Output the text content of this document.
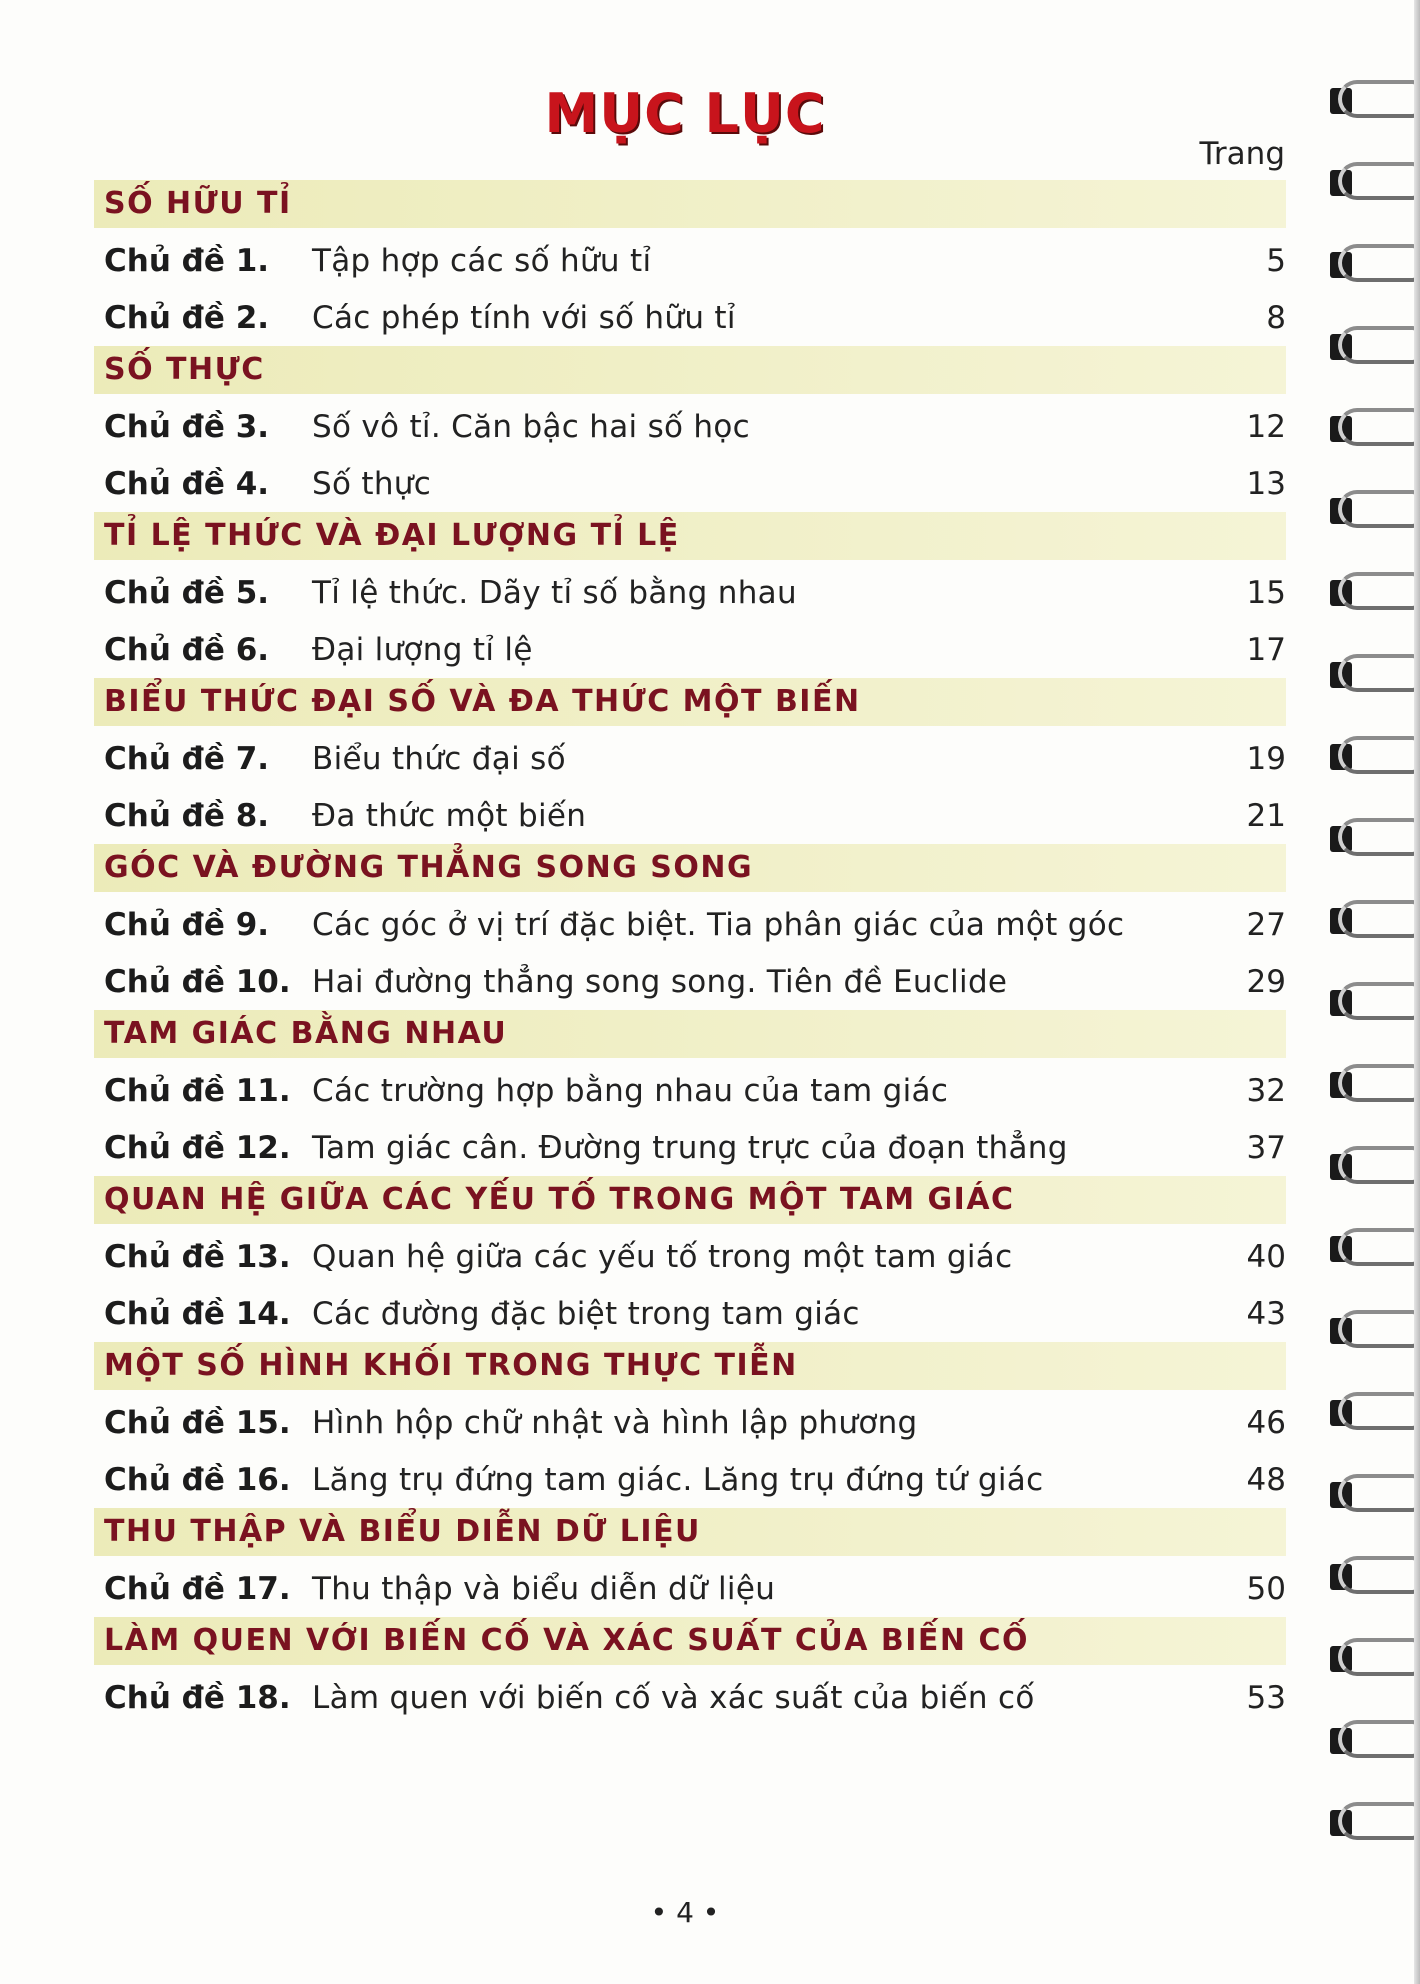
MỤC LỤC
Trang
SỐ HỮU TỈ
Chủ đề 1.	Tập hợp các số hữu tỉ	5
Chủ đề 2.	Các phép tính với số hữu tỉ	8
SỐ THỰC
Chủ đề 3.	Số vô tỉ. Căn bậc hai số học	12
Chủ đề 4.	Số thực	13
TỈ LỆ THỨC VÀ ĐẠI LƯỢNG TỈ LỆ
Chủ đề 5.	Tỉ lệ thức. Dãy tỉ số bằng nhau	15
Chủ đề 6.	Đại lượng tỉ lệ	17
BIỂU THỨC ĐẠI SỐ VÀ ĐA THỨC MỘT BIẾN
Chủ đề 7.	Biểu thức đại số	19
Chủ đề 8.	Đa thức một biến	21
GÓC VÀ ĐƯỜNG THẲNG SONG SONG
Chủ đề 9.	Các góc ở vị trí đặc biệt. Tia phân giác của một góc	27
Chủ đề 10. Hai đường thẳng song song. Tiên đề Euclide	29
TAM GIÁC BẰNG NHAU
Chủ đề 11. Các trường hợp bằng nhau của tam giác	32
Chủ đề 12. Tam giác cân. Đường trung trực của đoạn thẳng	37
QUAN HỆ GIỮA CÁC YẾU TỐ TRONG MỘT TAM GIÁC
Chủ đề 13. Quan hệ giữa các yếu tố trong một tam giác	40
Chủ đề 14. Các đường đặc biệt trong tam giác	43
MỘT SỐ HÌNH KHỐI TRONG THỰC TIỄN
Chủ đề 15. Hình hộp chữ nhật và hình lập phương	46
Chủ đề 16. Lăng trụ đứng tam giác. Lăng trụ đứng tứ giác	48
THU THẬP VÀ BIỂU DIỄN DỮ LIỆU
Chủ đề 17. Thu thập và biểu diễn dữ liệu	50
LÀM QUEN VỚI BIẾN CỐ VÀ XÁC SUẤT CỦA BIẾN CỐ
Chủ đề 18. Làm quen với biến cố và xác suất của biến cố	53
• 4 •
